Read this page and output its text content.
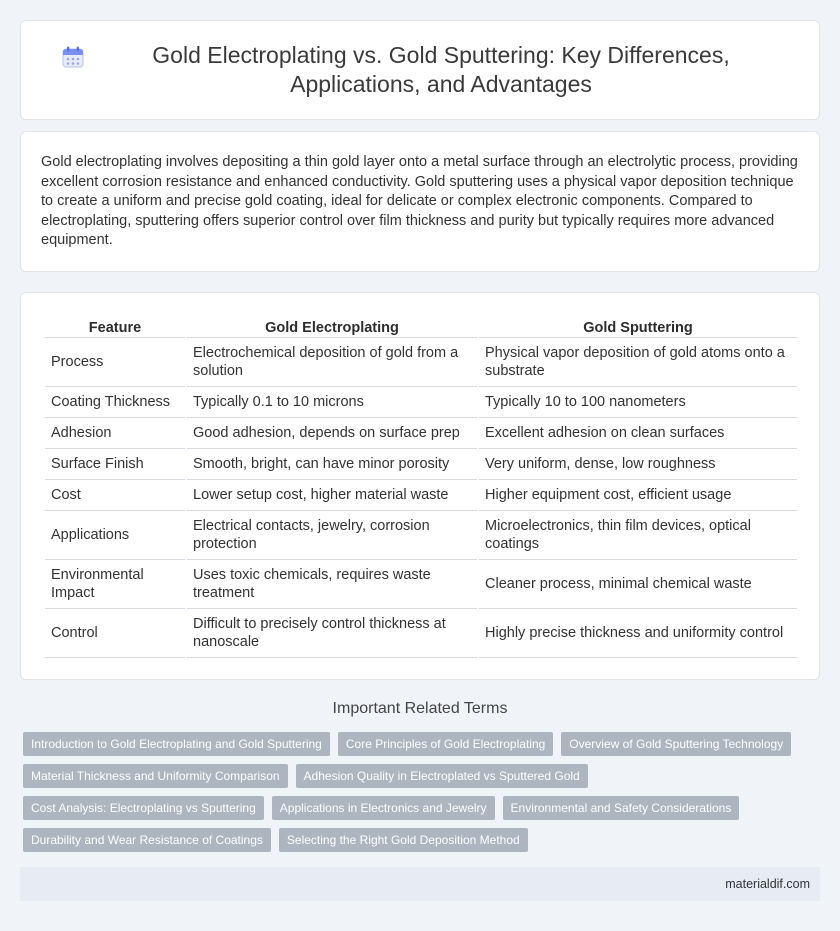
Gold Electroplating vs. Gold Sputtering: Key Differences, Applications, and Advantages

Gold electroplating involves depositing a thin gold layer onto a metal surface through an electrolytic process, providing excellent corrosion resistance and enhanced conductivity. Gold sputtering uses a physical vapor deposition technique to create a uniform and precise gold coating, ideal for delicate or complex electronic components. Compared to electroplating, sputtering offers superior control over film thickness and purity but typically requires more advanced equipment.

Feature	Gold Electroplating	Gold Sputtering
Process	Electrochemical deposition of gold from a solution	Physical vapor deposition of gold atoms onto a substrate
Coating Thickness	Typically 0.1 to 10 microns	Typically 10 to 100 nanometers
Adhesion	Good adhesion, depends on surface prep	Excellent adhesion on clean surfaces
Surface Finish	Smooth, bright, can have minor porosity	Very uniform, dense, low roughness
Cost	Lower setup cost, higher material waste	Higher equipment cost, efficient usage
Applications	Electrical contacts, jewelry, corrosion protection	Microelectronics, thin film devices, optical coatings
Environmental Impact	Uses toxic chemicals, requires waste treatment	Cleaner process, minimal chemical waste
Control	Difficult to precisely control thickness at nanoscale	Highly precise thickness and uniformity control
Important Related Terms
Introduction to Gold Electroplating and Gold Sputtering	Core Principles of Gold Electroplating	Overview of Gold Sputtering Technology
Material Thickness and Uniformity Comparison	Adhesion Quality in Electroplated vs Sputtered Gold
Cost Analysis: Electroplating vs Sputtering	Applications in Electronics and Jewelry	Environmental and Safety Considerations
Durability and Wear Resistance of Coatings	Selecting the Right Gold Deposition Method
materialdif.com
